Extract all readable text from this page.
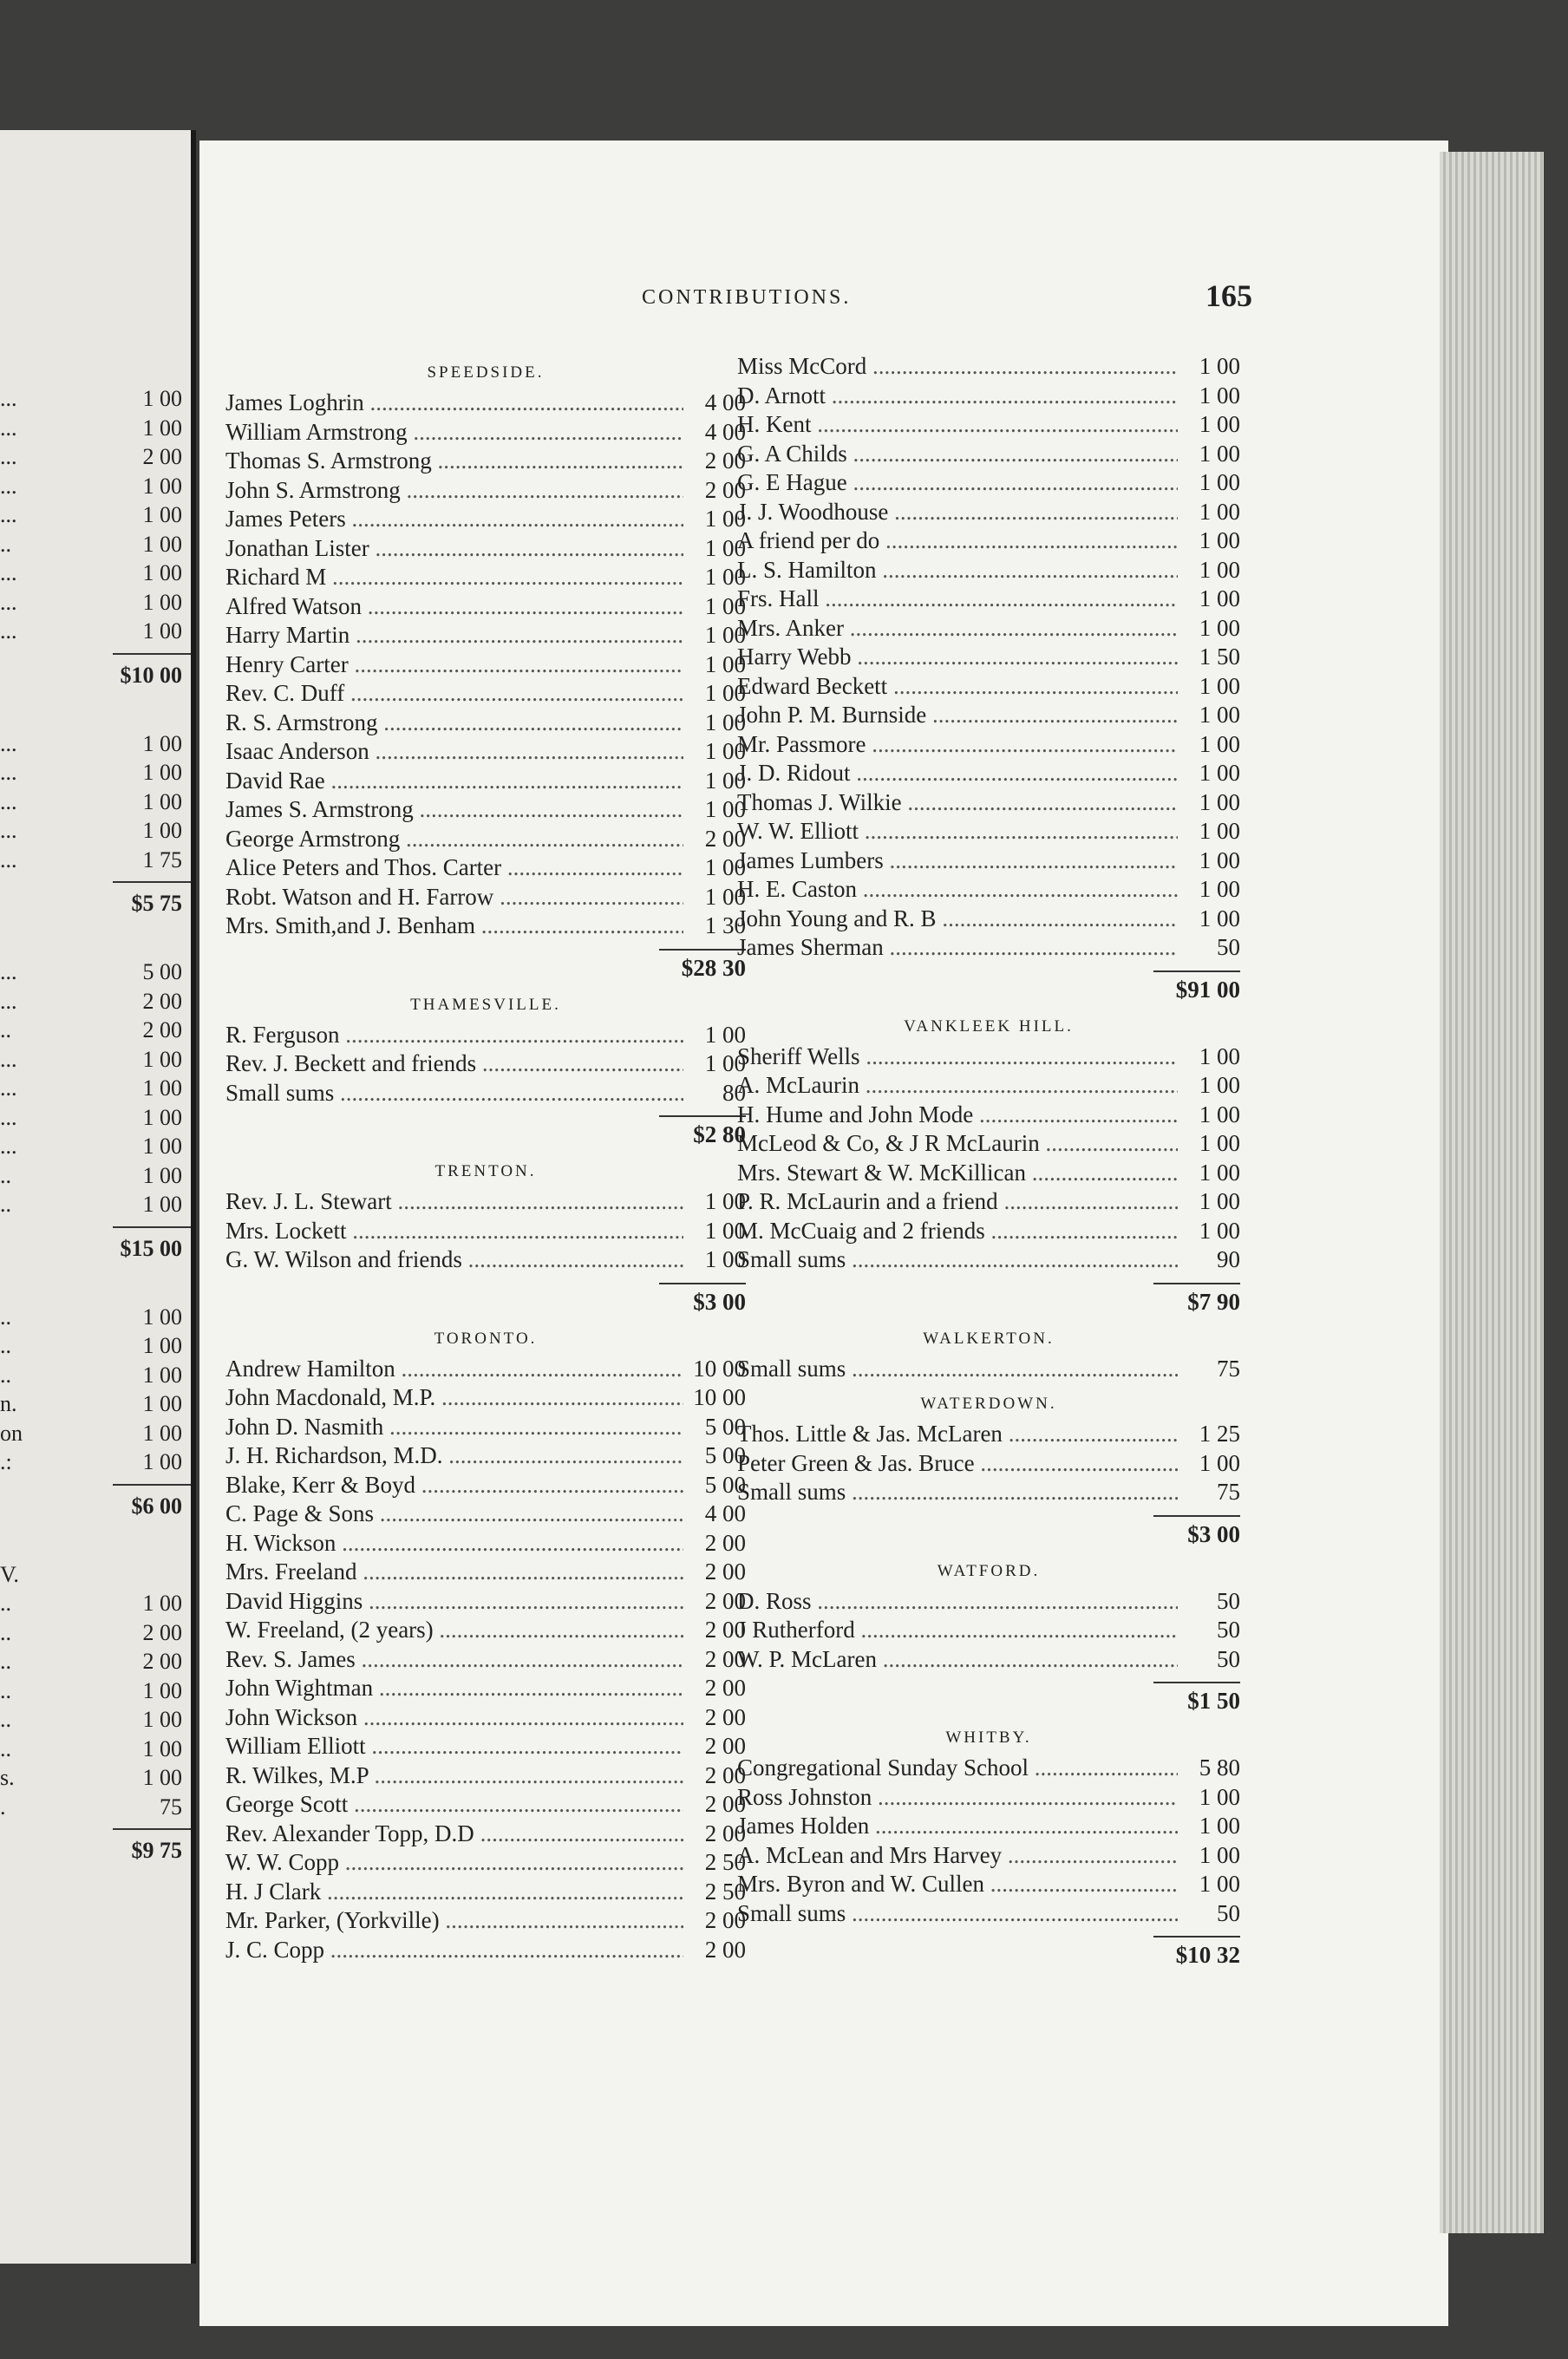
...	1 00
...	1 00
...	2 00
...	1 00
...	1 00
..	1 00
...	1 00
...	1 00
...	1 00
$10 00
...	1 00
...	1 00
...	1 00
...	1 00
...	1 75
$5 75
...	5 00
...	2 00
..	2 00
...	1 00
...	1 00
...	1 00
...	1 00
..	1 00
..	1 00
$15 00
..	1 00
..	1 00
..	1 00
n.	1 00
on	1 00
.:	1 00
$6 00
V.
..	1 00
..	2 00
..	2 00
..	1 00
..	1 00
..	1 00
s.	1 00
.	75
$9 75
CONTRIBUTIONS.	165
SPEEDSIDE.
James Loghrin .....	4 00
William Armstrong .....	4 00
Thomas S. Armstrong .....	2 00
John S. Armstrong .....	2 00
James Peters .....	1 00
Jonathan Lister .....	1 00
Richard M .....	1 00
Alfred Watson .....	1 00
Harry Martin .....	1 00
Henry Carter .....	1 00
Rev. C. Duff .....	1 00
R. S. Armstrong .....	1 00
Isaac Anderson .....	1 00
David Rae .....	1 00
James S. Armstrong .....	1 00
George Armstrong .....	2 00
Alice Peters and Thos. Carter .....	1 00
Robt. Watson and H. Farrow .....	1 00
Mrs. Smith,and J. Benham .....	1 30
$28 30
THAMESVILLE.
R. Ferguson .....	1 00
Rev. J. Beckett and friends .....	1 00
Small sums .....	80
$2 80
TRENTON.
Rev. J. L. Stewart .....	1 00
Mrs. Lockett .....	1 00
G. W. Wilson and friends .....	1 00
$3 00
TORONTO.
Andrew Hamilton .....	10 00
John Macdonald, M.P. .....	10 00
John D. Nasmith .....	5 00
J. H. Richardson, M.D. .....	5 00
Blake, Kerr & Boyd .....	5 00
C. Page & Sons .....	4 00
H. Wickson .....	2 00
Mrs. Freeland .....	2 00
David Higgins .....	2 00
W. Freeland, (2 years) .....	2 00
Rev. S. James .....	2 00
John Wightman .....	2 00
John Wickson .....	2 00
William Elliott .....	2 00
R. Wilkes, M.P .....	2 00
George Scott .....	2 00
Rev. Alexander Topp, D.D .....	2 00
W. W. Copp .....	2 50
H. J Clark .....	2 50
Mr. Parker, (Yorkville) .....	2 00
J. C. Copp .....	2 00
Miss McCord .....	1 00
D. Arnott .....	1 00
H. Kent .....	1 00
G. A Childs .....	1 00
G. E Hague .....	1 00
J. J. Woodhouse .....	1 00
A friend per do .....	1 00
L. S. Hamilton .....	1 00
Frs. Hall .....	1 00
Mrs. Anker .....	1 00
Harry Webb .....	1 50
Edward Beckett .....	1 00
John P. M. Burnside .....	1 00
Mr. Passmore .....	1 00
J. D. Ridout .....	1 00
Thomas J. Wilkie .....	1 00
W. W. Elliott .....	1 00
James Lumbers .....	1 00
H. E. Caston .....	1 00
John Young and R. B .....	1 00
James Sherman .....	50
$91 00
VANKLEEK HILL.
Sheriff Wells .....	1 00
A. McLaurin .....	1 00
H. Hume and John Mode .....	1 00
McLeod & Co, & J R McLaurin .....	1 00
Mrs. Stewart & W. McKillican .....	1 00
P. R. McLaurin and a friend .....	1 00
M. McCuaig and 2 friends .....	1 00
Small sums .....	90
$7 90
WALKERTON.
Small sums .....	75
WATERDOWN.
Thos. Little & Jas. McLaren .....	1 25
Peter Green & Jas. Bruce .....	1 00
Small sums .....	75
$3 00
WATFORD.
D. Ross .....	50
J Rutherford .....	50
W. P. McLaren .....	50
$1 50
WHITBY.
Congregational Sunday School .....	5 80
Ross Johnston .....	1 00
James Holden .....	1 00
A. McLean and Mrs Harvey .....	1 00
Mrs. Byron and W. Cullen .....	1 00
Small sums .....	50
$10 32
